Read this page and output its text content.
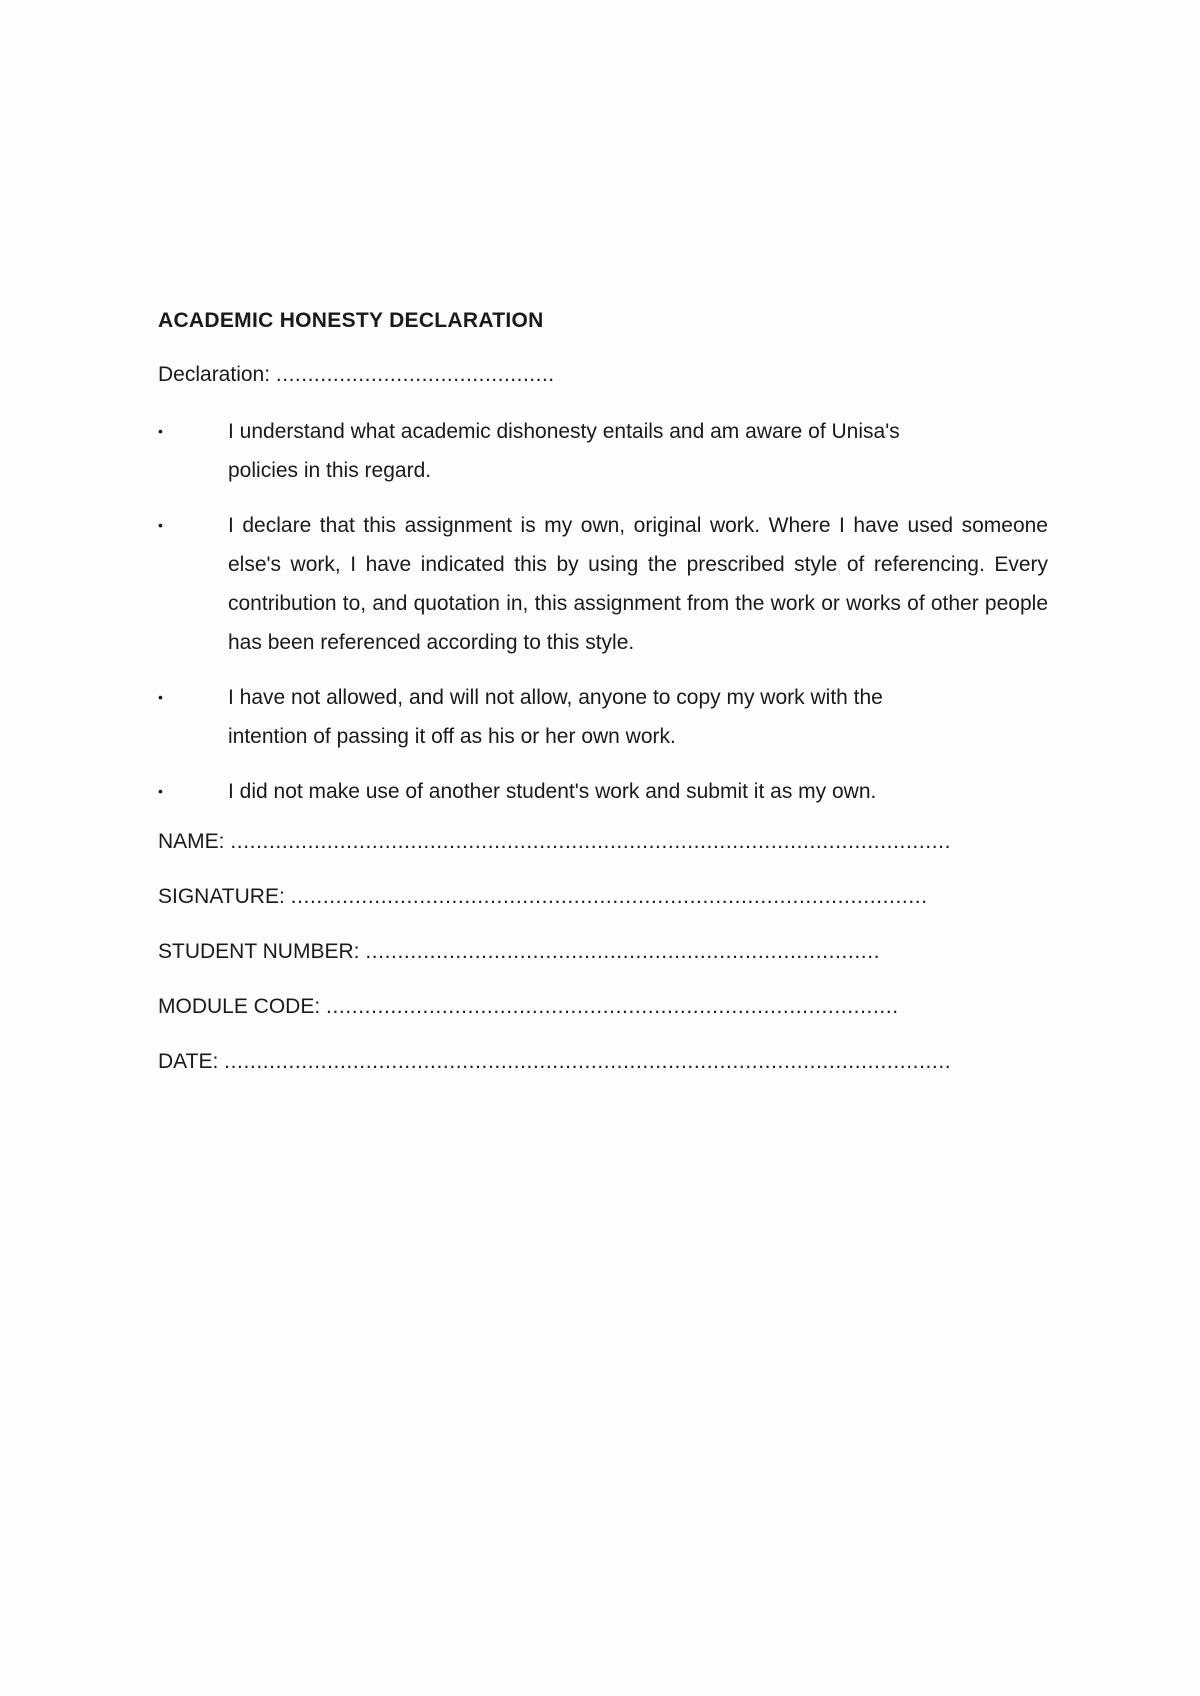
ACADEMIC HONESTY DECLARATION
Declaration: ............................................
•	I understand what academic dishonesty entails and am aware of Unisa's policies in this regard.
•	I declare that this assignment is my own, original work. Where I have used someone else's work, I have indicated this by using the prescribed style of referencing. Every contribution to, and quotation in, this assignment from the work or works of other people has been referenced according to this style.
•	I have not allowed, and will not allow, anyone to copy my work with the intention of passing it off as his or her own work.
•	I did not make use of another student's work and submit it as my own.
NAME: ................................................................................................................
SIGNATURE: ...................................................................................................
STUDENT NUMBER: ................................................................................
MODULE CODE: .........................................................................................
DATE: .................................................................................................................
